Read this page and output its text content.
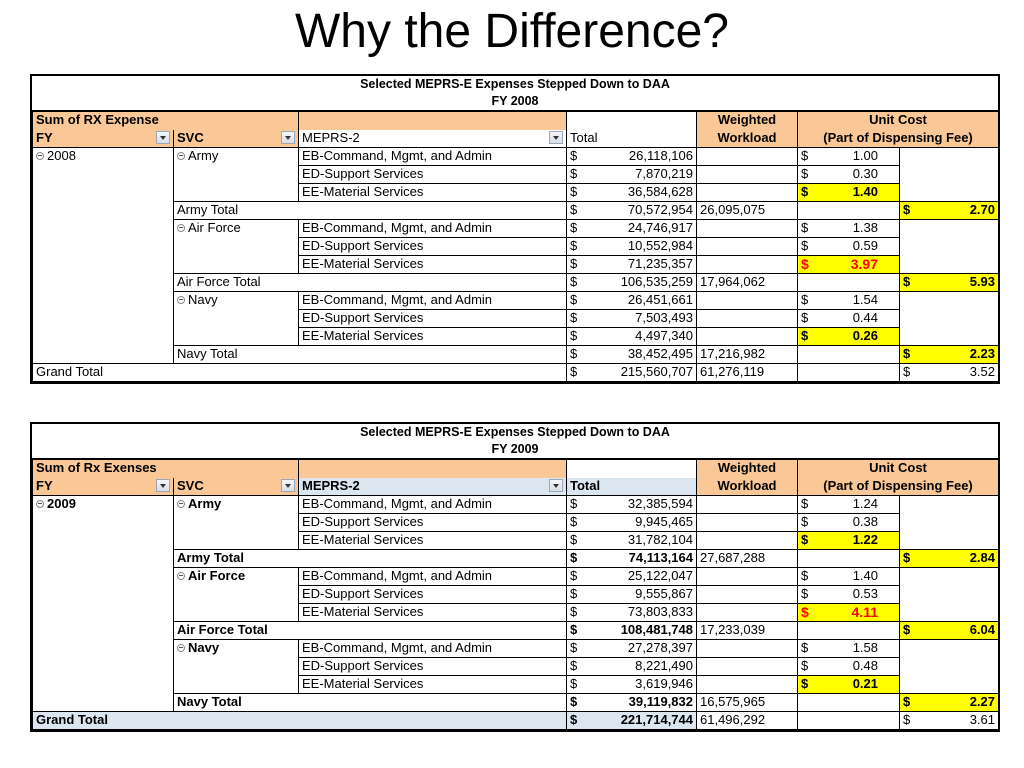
Why the Difference?
Selected MEPRS-E Expenses Stepped Down to DAA
FY 2008
Sum of RX Expense				Weighted	Unit Cost	

FY	SVC	MEPRS-2	Total	Workload	(Part of Dispensing Fee)	
2008	Army	EB-Command, Mgmt, and Admin	$ 26,118,106		$ 1.00	

		ED-Support Services	$ 7,870,219		$ 0.30	

		EE-Material Services	$ 36,584,628		$ 1.40	

	Army Total		$ 70,572,954	26,095,075		$ 2.70

	Air Force	EB-Command, Mgmt, and Admin	$ 24,746,917		$ 1.38	

		ED-Support Services	$ 10,552,984		$ 0.59	

		EE-Material Services	$ 71,235,357		$ 3.97	

	Air Force Total		$ 106,535,259	17,964,062		$ 5.93

	Navy	EB-Command, Mgmt, and Admin	$ 26,451,661		$ 1.54	

		ED-Support Services	$ 7,503,493		$ 0.44	

		EE-Material Services	$ 4,497,340		$ 0.26	

	Navy Total		$ 38,452,495	17,216,982		$ 2.23

Grand Total			$ 215,560,707	61,276,119		$ 3.52
Selected MEPRS-E Expenses Stepped Down to DAA
FY 2009
Sum of Rx Exenses				Weighted	Unit Cost	

FY	SVC	MEPRS-2	Total	Workload	(Part of Dispensing Fee)	
2009	Army	EB-Command, Mgmt, and Admin	$ 32,385,594		$ 1.24	

		ED-Support Services	$ 9,945,465		$ 0.38	

		EE-Material Services	$ 31,782,104		$ 1.22	

	Army Total		$ 74,113,164	27,687,288		$ 2.84

	Air Force	EB-Command, Mgmt, and Admin	$ 25,122,047		$ 1.40	

		ED-Support Services	$ 9,555,867		$ 0.53	

		EE-Material Services	$ 73,803,833		$ 4.11	

	Air Force Total		$ 108,481,748	17,233,039		$ 6.04

	Navy	EB-Command, Mgmt, and Admin	$ 27,278,397		$ 1.58	

		ED-Support Services	$ 8,221,490		$ 0.48	

		EE-Material Services	$ 3,619,946		$ 0.21	

	Navy Total		$ 39,119,832	16,575,965		$ 2.27

Grand Total			$ 221,714,744	61,496,292		$ 3.61
